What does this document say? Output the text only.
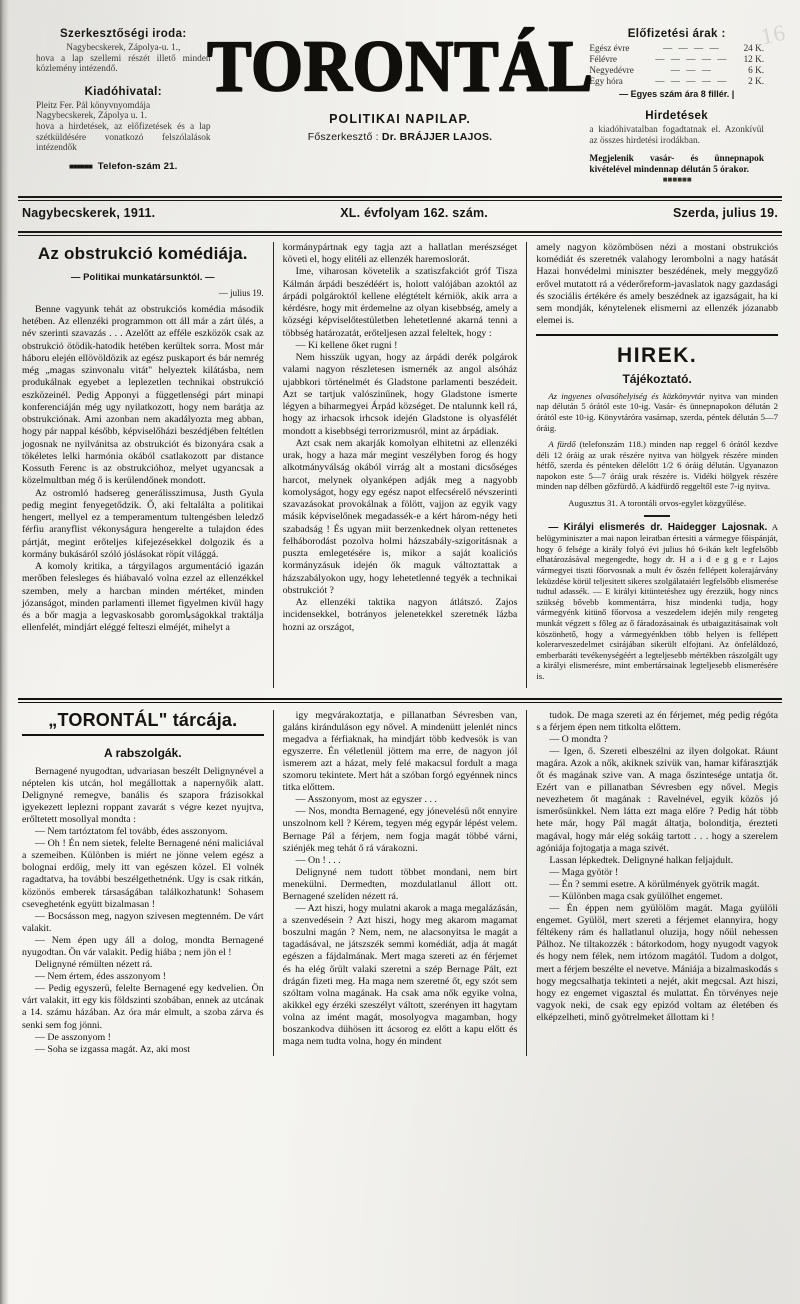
16

Szerkesztőségi iroda:

Nagybecskerek, Zápolya-u. 1.,

hova a lap szellemi részét illető minden közlemény intézendő.

Kiadóhivatal:

Pleitz Fer. Pál könyvnyomdája

Nagybecskerek, Zápolya u. 1.

hova a hirdetések, az előfizetések és a lap szétküldésére vonatkozó felszólalások intézendők

■■■■■■ Telefon-szám 21.

TORONTÁL

POLITIKAI NAPILAP.

Főszerkesztő : Dr. BRÁJJER LAJOS.

Előfizetési árak :

Egész évre	— — — —	24 K.
Félévre	— — — — —	12 K.
Negyedévre	— — —	6 K.
Egy hóra	— — — — —	2 K.

— Egyes szám ára 8 fillér. |

Hirdetések

a kiadóhivatalban fogadtatnak el. Azonkívül az összes hirdetési irodákban.

Megjelenik vasár- és ünnepnapok kivételével mindennap délután 5 órakor.

■ ■ ■ ■ ■ ■

Nagybecskerek, 1911.	XL. évfolyam 162. szám.	Szerda, julius 19.
Az obstrukció komédiája.

— Politikai munkatársunktól. —

— julius 19.

Benne vagyunk tehát az obstrukciós komédia második hetében. Az ellenzéki programmon ott áll már a zárt ülés, a név szerinti szavazás . . . Azelőtt az efféle eszközök csak az obstrukció ötödik-hatodik hetében kerültek sorra. Most már háboru elején ellövöldözik az egész puskaport és bár nemrég még „magas szinvonalu vitát" helyeztek kilátásba, nem produkálnak egyebet a leplezetlen technikai obstrukció eszközeinél. Pedig Apponyi a függetlenségi párt minapi konferenciáján még ugy nyilatkozott, hogy nem barátja az obstrukciónak. Ami azonban nem akadályozta meg abban, hogy pár nappal később, képviselőházi beszédjében feltétlen jogosnak ne nyilvánitsa az obstrukciót és bizonyára csak a tökéletes lelki harmónia okából csatlakozott par distance Kossuth Ferenc is az obstrukcióhoz, melyet ugyancsak a közelmultban még ő is kerülendőnek mondott.

Az ostromló hadsereg generálisszimusa, Justh Gyula pedig megint fenyegetődzik. Ő, aki feltalálta a politikai hengert, mellyel ez a temperamentum tultengésben leledző férfiu aranyflist vékonyságura hengerelte a tulajdon édes pártját, megint erőteljes kifejezésekkel dolgozik és a kormány bukásáról szóló jóslásokat röpít világgá.

A komoly kritika, a tárgyilagos argumentáció igazán merőben felesleges és hiábavaló volna ezzel az ellenzékkel szemben, mely a harcban minden mértéket, minden józanságot, minden parlamenti illemet figyelmen kivül hagy és a bőr magja a legvaskosabb goromباságokkal traktálja ellenfelét, mindjárt eléggé felteszi elméjét, mihelyt a

kormánypártnak egy tagja azt a hallatlan merészséget követi el, hogy elitéli az ellenzék haremoslorát.

Ime, viharosan követelik a szatiszfakciót gróf Tisza Kálmán árpádi beszédéért is, holott valójában azoktól az árpádi polgároktól kellene elégtételt kérniök, akik arra a kérdésre, hogy mit érdemelne az olyan kisebbség, amely a községi képviselőtestületben lehetetlenné akarná tenni a többség határozatát, erőteljesen azzal feleltek, hogy :

— Ki kellene őket rugni !

Nem hisszük ugyan, hogy az árpádi derék polgárok valami nagyon részletesen ismernék az angol alsóház ujabbkori történelmét és Gladstone parlamenti beszédeit. Azt se tartjuk valószinűnek, hogy Gladstone ismerte légyen a biharmegyei Árpád községet. De ntalunnk kell rá, hogy az irhacsok irhcsok idején Gladstone is olyasfélét mondott a kisebbségi terrorizmusról, mint az árpádiak.

Azt csak nem akarják komolyan elhitetni az ellenzéki urak, hogy a haza már megint veszélyben forog és hogy alkotmányválság okából virrág alt a mostani dicsőséges harcot, melynek olyanképen adják meg a nagyobb komolyságot, hogy egy egész napot elfecsérelő névszerinti szavazásokat provokálnak a fölött, vajjon az egyik vagy másik képviselőnek megadassék-e a kért három-négy heti szabadság ! És ugyan miit berzenkednek olyan rettenetes felháborodást pozolva holmi házszabály-szigoritásnak a puszta emlegetésére is, mikor a saját koaliciós kormányzásuk idején ők maguk változtattak a házszabályokon ugy, hogy lehetetlenné tegyék a technikai obstrukciót ?

Az ellenzéki taktika nagyon átlátszó. Zajos incidensekkel, botrányos jelenetekkel szeretnék lázba hozni az országot,

amely nagyon közömbösen nézi a mostani obstrukciós komédiát és szeretnék valahogy lerombolni a nagy hatását Hazai honvédelmi miniszter beszédének, mely meggyőző erővel mutatott rá a véderőreform-javaslatok nagy gazdasági és szociális értékére és amely beszédnek az igazságait, ha ki sem mondják, kénytelenek elismerni az ellenzék józanabb elemei is.

HIREK.
Tájékoztató.

Az ingyenes olvasóhelyiség és közkönyvtár nyitva van minden nap délután 5 órától este 10-ig. Vasár- és ünnepnapokon délután 2 órától este 10-ig. Könyvtáróra vasárnap, szerda, péntek délután 5—7 óráig.

A fürdő (telefonszám 118.) minden nap reggel 6 órától kezdve déli 12 óráig az urak részére nyitva van hölgyek részére minden hétfő, szerda és pénteken délelőtt 1/2 6 óráig délután. Ugyanazon napokon este 5—7 óráig urak részére is. Vidéki hölgyek részére minden nap délben gőzfürdő. A kádfürdő reggeltől este 7-ig nyitva.

Augusztus 31. A torontáli orvos-egylet közgyűlése.

— Királyi elismerés dr. Haidegger Lajosnak. A belügyminiszter a mai napon leiratban értesiti a vármegye főispánját, hogy ő felsége a király folyó évi julius hó 6-ikán kelt legfelsőbb elhatározásával megengedte, hogy dr. H a i d e g g e r Lajos vármegyei tiszti főorvosnak a mult év őszén fellépett kolerajárvány leküzdése körül teljesitett sikeres szolgálataiért legfelsőbb elismerése tudtul adassék. — E királyi kitüntetéshez ugy érezzük, hogy nincs szükség bővebb kommentárra, hisz mindenki tudja, hogy vármegyénk kitünő főorvosa a veszedelem idején mily rengeteg munkát végzett s főleg az ő fáradozásainak és utbaigazitásainak volt köszönhető, hogy a vármegyénkben több helyen is fellépett kolerarveszedelmet csirájában sikerült elfojtani. Az önfeláldozó, emberbaráti tevékenységéért a legteljesebb mértékben rászolgált ugy a királyi elismerésre, mint embertársainak legteljesebb elismerésére is.

„TORONTÁL" tárcája.
A rabszolgák.

Bernagené nyugodtan, udvariasan beszélt Delignynével a néptelen kis utcán, hol megállottak a napernyőik alatt. Delignyné remegve, banális és szapora frázisokkal igyekezett leplezni roppant zavarát s végre kezet nyujtva, erőltetett mosollyal mondta :

— Nem tartóztatom fel tovább, édes asszonyom.

— Oh ! Én nem sietek, felelte Bernagené néni maliciával a szemeiben. Különben is miért ne jönne velem egész a bolognai erdőig, mely itt van egészen közel. El volnék ragadtatva, ha további beszélgethetnénk. Ugy is csak ritkán, közönös emberek társaságában találkozhatunk! Sohasem csevegheténk együtt bizalmasan !

— Bocsásson meg, nagyon szivesen megtenném. De várt valakit.

— Nem épen ugy áll a dolog, mondta Bernagené nyugodtan. Ön vár valakit. Pedig hiába ; nem jön el !

Delignyné rémülten nézett rá.

— Nem értem, édes asszonyom !

— Pedig egyszerü, felelte Bernagené egy kedvelien. Ön várt valakit, itt egy kis földszinti szobában, ennek az utcának a 14. számu házában. Az óra már elmult, a szoba zárva és senki sem fog jönni.

— De asszonyom !

— Soha se izgassa magát. Az, aki most

igy megvárakoztatja, e pillanatban Sévresben van, galáns kiránduláson egy nővel. A mindenütt jelenlét nincs megadva a férfiaknak, ha mindjárt több kedvesök is van egyszerre. Én véletlenül jöttem ma erre, de nagyon jól ismerem azt a házat, mely felé makacsul fordult a maga szomoru tekintete. Mert hát a szóban forgó egyénnek nincs titka előttem.

— Asszonyom, most az egyszer . . .

— Nos, mondta Bernagené, egy jónevelésü nőt ennyire unszolnom kell ? Kérem, tegyen még egypár lépést velem. Bernage Pál a férjem, nem fogja magát többé várni, sziénjék meg tehát ő rá várakozni.

— On ! . . .

Delignyné nem tudott többet mondani, nem birt menekülni. Dermedten, mozdulatlanul állott ott. Bernagené szelíden nézett rá.

— Azt hiszi, hogy mulatni akarok a maga megalázásán, a szenvedésein ? Azt hiszi, hogy meg akarom magamat boszulni magán ? Nem, nem, ne alacsonyitsa le magát a tagadásával, ne játszszék semmi komédiát, adja át magát egészen a fájdalmának. Mert maga szereti az én férjemet és ha elég őrült valaki szeretni a szép Bernage Pált, ezt drágán fizeti meg. Ha maga nem szeretné őt, egy szót sem szóltam volna magának. Ha csak ama nők egyike volna, akikkel egy érzéki szeszélyt váltott, szerényen itt hagytam volna az imént magát, mosolyogva magamban, hogy boszankodva dühösen itt ácsorog ez előtt a kapu előtt és maga nem tudta volna, hogy én mindent

tudok. De maga szereti az én férjemet, még pedig régóta s a férjem épen nem titkolta előttem.

— O mondta ?

— Igen, ő. Szereti elbeszélni az ilyen dolgokat. Ráunt magára. Azok a nők, akiknek szivük van, hamar kifárasztják őt és magának szive van. A maga őszintesége untatja őt. Ezért van e pillanatban Sévresben egy nővel. Megis nevezhetem őt magának : Ravelnével, egyik közös jó ismerősünkkel. Nem látta ezt maga előre ? Pedig hát több hete már, hogy Pál magát áltatja, bolonditja, érezteti magával, hogy már elég sokáig tartott . . . hogy a szerelem agóniája fojtogatja a maga szivét.

Lassan lépkedtek. Delignyné halkan feljajdult.

— Maga gyötör !

— Én ? semmi esetre. A körülmények gyötrik magát.

— Különben maga csak gyülölhet engemet.

— Én éppen nem gyülölöm magát. Maga gyülöli engemet. Gyülöl, mert szereti a férjemet elannyira, hogy féltékeny rám és hallatlanul oluzija, hogy nőül nehessen Pálhoz. Ne tiltakozzék : bátorkodom, hogy nyugodt vagyok és hogy nem félek, nem irtózom magától. Tudom a dolgot, mert a férjem beszélte el nevetve. Mániája a bizalmaskodás s hogy megcsalhatja tekinteti a nejét, akit megcsal. Azt hiszi, hogy ez engemet vigasztal és mulattat. Én törvényes neje vagyok neki, de csak egy epizód voltam az életében és elképzelheti, minő gyötrelmeket állottam ki !
